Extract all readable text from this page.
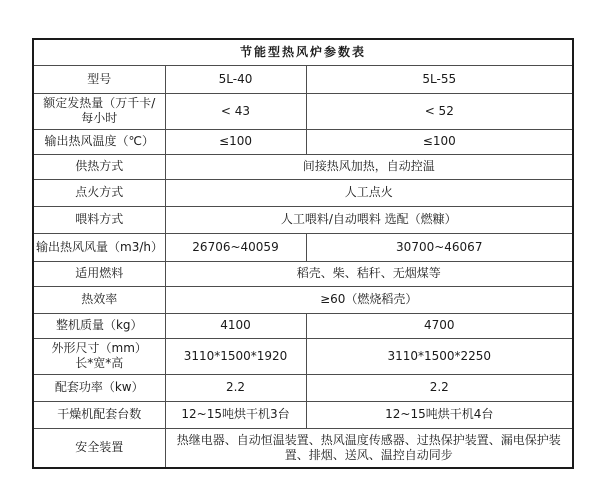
节能型热风炉参数表		
型号	5L-40	5L-55

额定发热量（万千卡/
每小时	< 43	< 52
输出热风温度（℃）	≤100	≤100
供热方式	间接热风加热，自动控温	
点火方式	人工点火	
喂料方式	人工喂料/自动喂料 选配（燃糠）	
输出热风风量（m3/h）	26706~40059	30700~46067
适用燃料	稻壳、柴、秸秆、无烟煤等	
热效率	≥60（燃烧稻壳）	
整机质量（kg）	4100	4700

外形尺寸（mm）
长*宽*高	3110*1500*1920	3110*1500*2250
配套功率（kw）	2.2	2.2
干燥机配套台数	12~15吨烘干机3台	12~15吨烘干机4台
安全装置	热继电器、自动恒温装置、热风温度传感器、过热保护装置、漏电保护装置、排烟、送风、温控自动同步	
